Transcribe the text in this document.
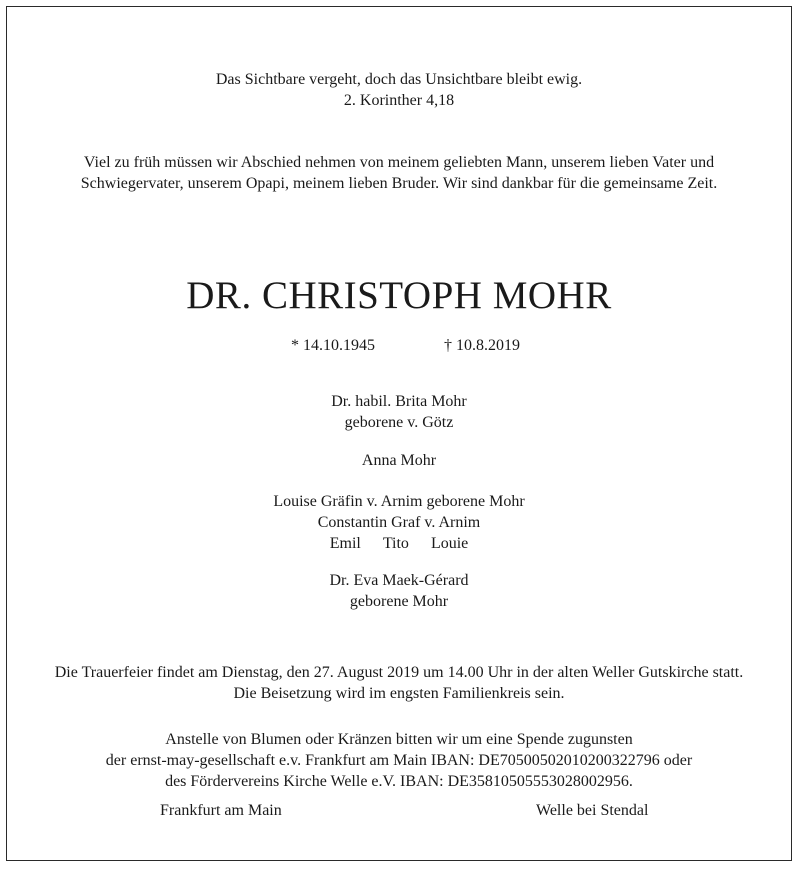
Das Sichtbare vergeht, doch das Unsichtbare bleibt ewig.
2. Korinther 4,18
Viel zu früh müssen wir Abschied nehmen von meinem geliebten Mann, unserem lieben Vater und
Schwiegervater, unserem Opapi, meinem lieben Bruder. Wir sind dankbar für die gemeinsame Zeit.
DR. CHRISTOPH MOHR
* 14.10.1945	† 10.8.2019
Dr. habil. Brita Mohr
geborene v. Götz
Anna Mohr
Louise Gräfin v. Arnim geborene Mohr
Constantin Graf v. Arnim
Emil Tito Louie
Dr. Eva Maek-Gérard
geborene Mohr
Die Trauerfeier findet am Dienstag, den 27. August 2019 um 14.00 Uhr in der alten Weller Gutskirche statt.
Die Beisetzung wird im engsten Familienkreis sein.
Anstelle von Blumen oder Kränzen bitten wir um eine Spende zugunsten
der ernst-may-gesellschaft e.v. Frankfurt am Main IBAN: DE70500502010200322796 oder
des Fördervereins Kirche Welle e.V. IBAN: DE35810505553028002956.
Frankfurt am Main	Welle bei Stendal
